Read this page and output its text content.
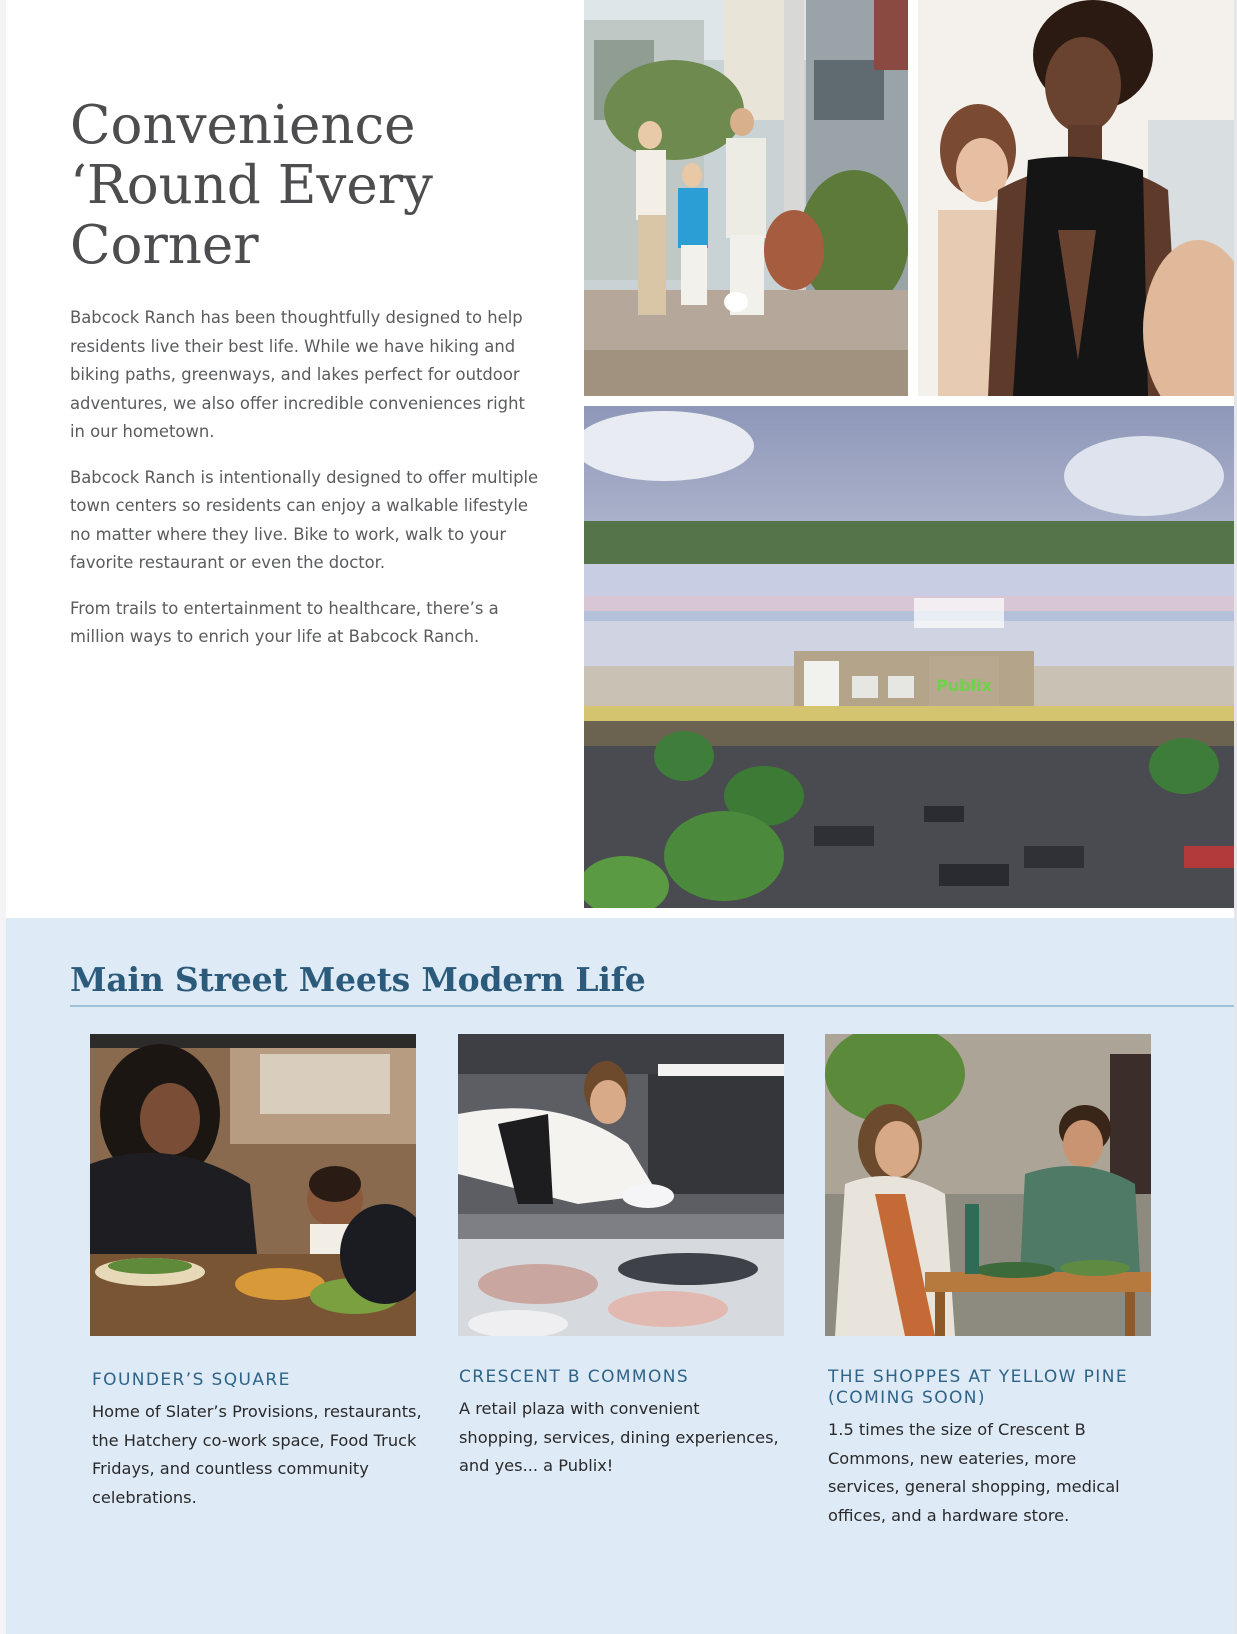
Convenience
‘Round Every
Corner

Babcock Ranch has been thoughtfully designed to help residents live their best life. While we have hiking and biking paths, greenways, and lakes perfect for outdoor adventures, we also offer incredible conveniences right in our hometown.

Babcock Ranch is intentionally designed to offer multiple town centers so residents can enjoy a walkable lifestyle no matter where they live. Bike to work, walk to your favorite restaurant or even the doctor.

From trails to entertainment to healthcare, there’s a million ways to enrich your life at Babcock Ranch.

Publix
Main Street Meets Modern Life
FOUNDER’S SQUARE

Home of Slater’s Provisions, restaurants, the Hatchery co-work space, Food Truck Fridays, and countless community celebrations.

CRESCENT B COMMONS

A retail plaza with convenient shopping, services, dining experiences, and yes... a Publix!

THE SHOPPES AT YELLOW PINE (COMING SOON)

1.5 times the size of Crescent B Commons, new eateries, more services, general shopping, medical offices, and a hardware store.
